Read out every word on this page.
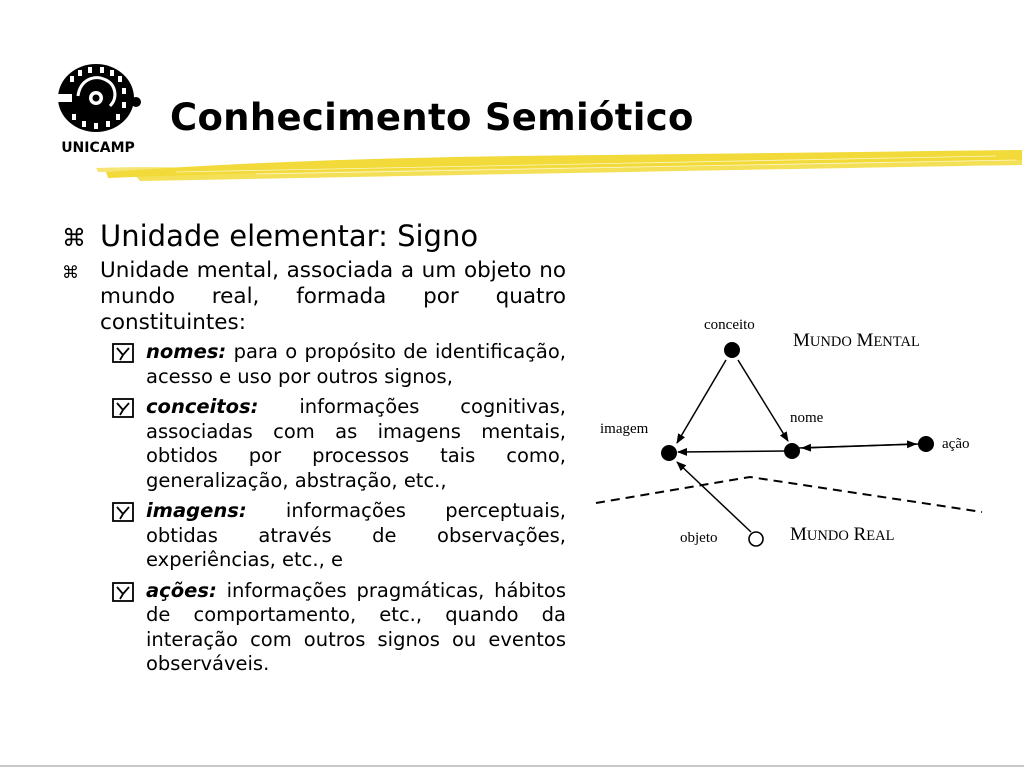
UNICAMP
Conhecimento Semiótico
⌘ Unidade elementar: Signo
⌘ Unidade mental, associada a um objeto no mundo real, formada por quatro constituintes:
nomes: para o propósito de identificação, acesso e uso por outros signos,
conceitos: informações cognitivas, associadas com as imagens mentais, obtidos por processos tais como, generalização, abstração, etc.,
imagens: informações perceptuais, obtidas através de observações, experiências, etc., e
ações: informações pragmáticas, hábitos de comportamento, etc., quando da interação com outros signos ou eventos observáveis.
conceito
imagem
nome
ação
objeto
MUNDO MENTAL
MUNDO REAL
